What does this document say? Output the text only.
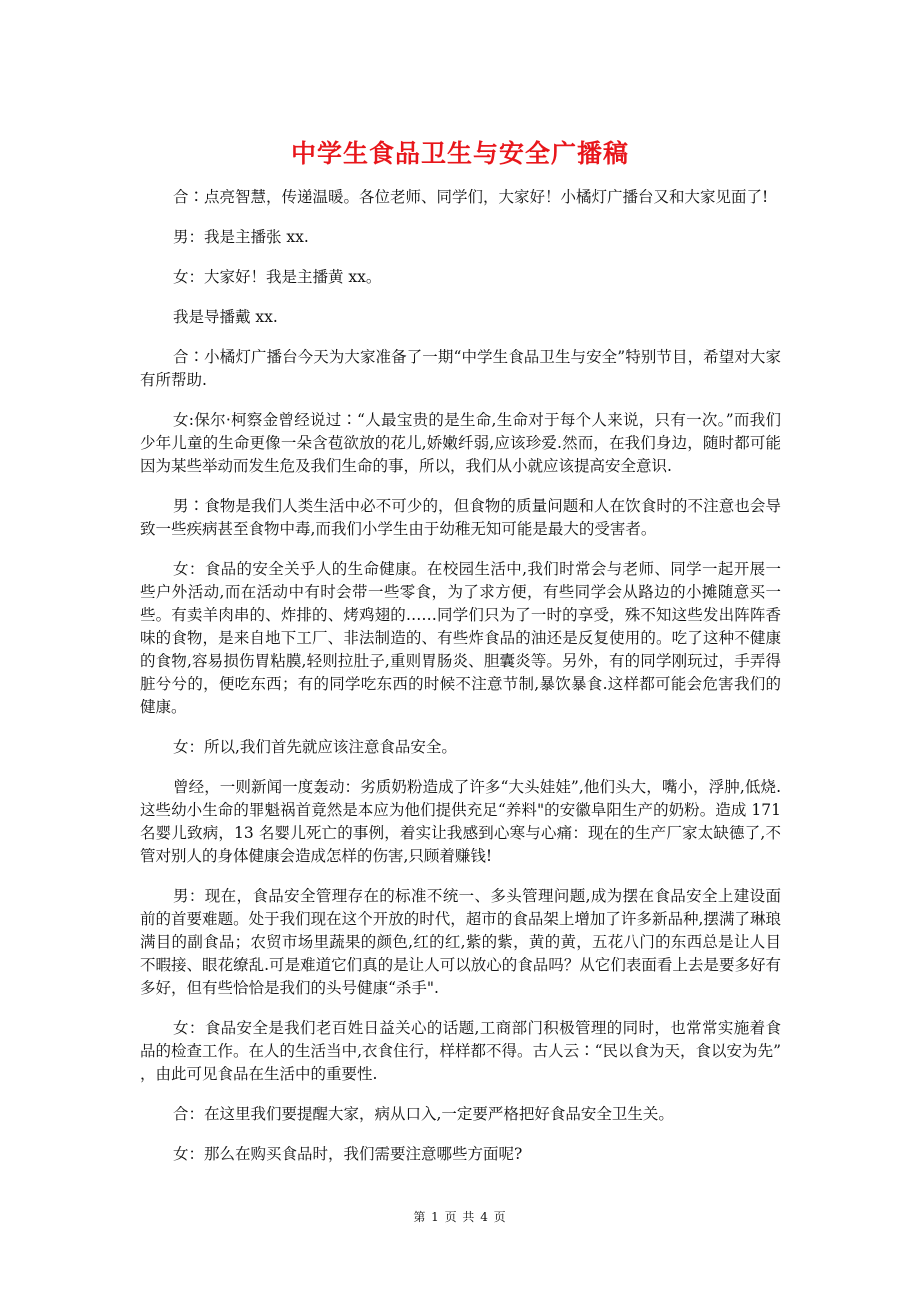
中学生食品卫生与安全广播稿

合∶点亮智慧，传递温暖。各位老师、同学们，大家好！小橘灯广播台又和大家见面了!

男：我是主播张 xx.

女：大家好！我是主播黄 xx。

我是导播戴 xx.

合∶小橘灯广播台今天为大家准备了一期“中学生食品卫生与安全”特别节目，希望对大家有所帮助.

女:保尔·柯察金曾经说过∶“人最宝贵的是生命,生命对于每个人来说，只有一次。”而我们少年儿童的生命更像一朵含苞欲放的花儿,娇嫩纤弱,应该珍爱.然而，在我们身边，随时都可能因为某些举动而发生危及我们生命的事，所以，我们从小就应该提高安全意识.

男∶食物是我们人类生活中必不可少的，但食物的质量问题和人在饮食时的不注意也会导致一些疾病甚至食物中毒,而我们小学生由于幼稚无知可能是最大的受害者。

女：食品的安全关乎人的生命健康。在校园生活中,我们时常会与老师、同学一起开展一些户外活动,而在活动中有时会带一些零食，为了求方便，有些同学会从路边的小摊随意买一些。有卖羊肉串的、炸排的、烤鸡翅的……同学们只为了一时的享受，殊不知这些发出阵阵香味的食物，是来自地下工厂、非法制造的、有些炸食品的油还是反复使用的。吃了这种不健康的食物,容易损伤胃粘膜,轻则拉肚子,重则胃肠炎、胆囊炎等。另外，有的同学刚玩过，手弄得脏兮兮的，便吃东西；有的同学吃东西的时候不注意节制,暴饮暴食.这样都可能会危害我们的健康。

女：所以,我们首先就应该注意食品安全。

曾经，一则新闻一度轰动：劣质奶粉造成了许多“大头娃娃”,他们头大，嘴小，浮肿,低烧.这些幼小生命的罪魁祸首竟然是本应为他们提供充足“养料"的安徽阜阳生产的奶粉。造成 171 名婴儿致病，13 名婴儿死亡的事例，着实让我感到心寒与心痛：现在的生产厂家太缺德了,不管对别人的身体健康会造成怎样的伤害,只顾着赚钱!

男：现在，食品安全管理存在的标准不统一、多头管理问题,成为摆在食品安全上建设面前的首要难题。处于我们现在这个开放的时代，超市的食品架上增加了许多新品种,摆满了琳琅满目的副食品；农贸市场里蔬果的颜色,红的红,紫的紫，黄的黄，五花八门的东西总是让人目不暇接、眼花缭乱.可是难道它们真的是让人可以放心的食品吗？从它们表面看上去是要多好有多好，但有些恰恰是我们的头号健康“杀手".

女：食品安全是我们老百姓日益关心的话题,工商部门积极管理的同时，也常常实施着食品的检查工作。在人的生活当中,衣食住行，样样都不得。古人云∶“民以食为天，食以安为先” ，由此可见食品在生活中的重要性.

合：在这里我们要提醒大家，病从口入,一定要严格把好食品安全卫生关。

女：那么在购买食品时，我们需要注意哪些方面呢?

第 1 页 共 4 页
